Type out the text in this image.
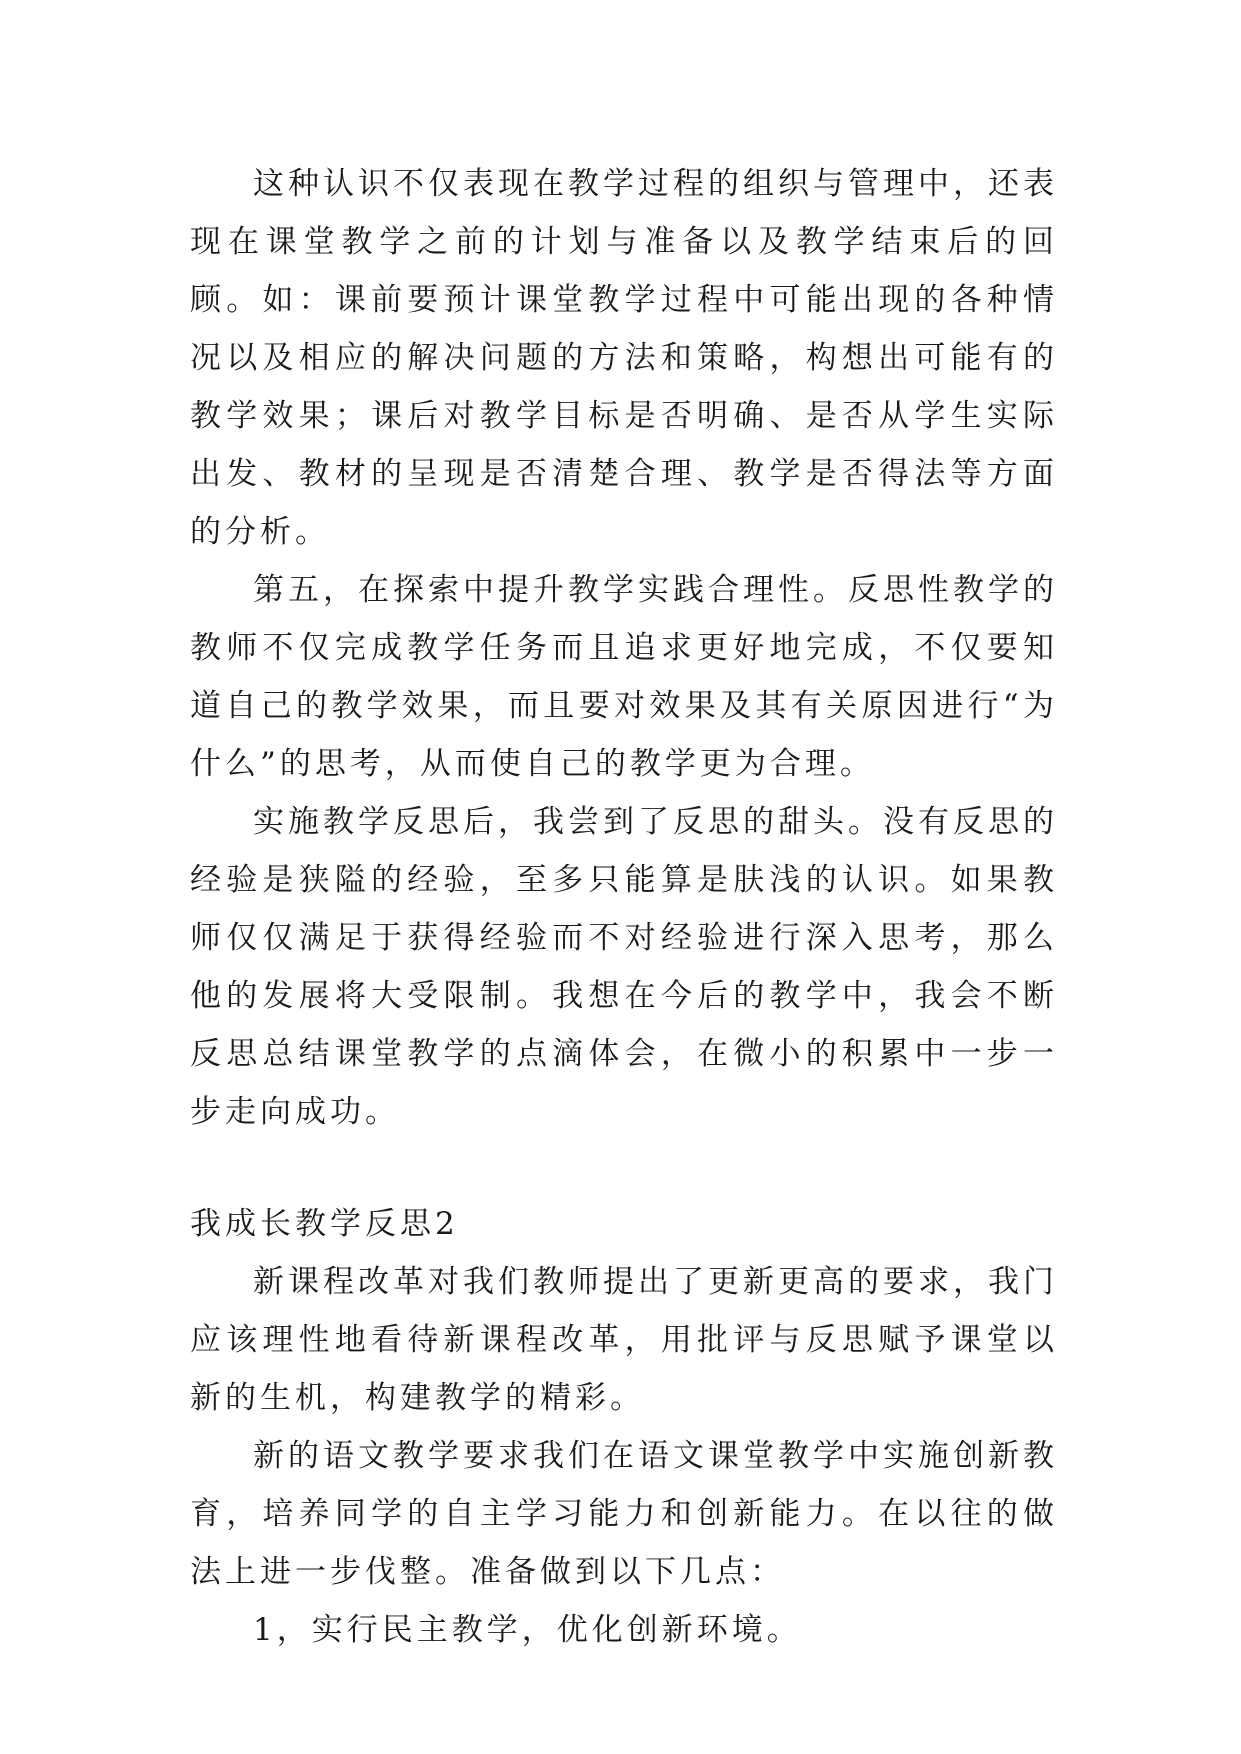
这种认识不仅表现在教学过程的组织与管理中，还表现在课堂教学之前的计划与准备以及教学结束后的回顾。如：课前要预计课堂教学过程中可能出现的各种情况以及相应的解决问题的方法和策略，构想出可能有的教学效果；课后对教学目标是否明确、是否从学生实际出发、教材的呈现是否清楚合理、教学是否得法等方面的分析。

第五，在探索中提升教学实践合理性。反思性教学的教师不仅完成教学任务而且追求更好地完成，不仅要知道自己的教学效果，而且要对效果及其有关原因进行“为什么”的思考，从而使自己的教学更为合理。

实施教学反思后，我尝到了反思的甜头。没有反思的经验是狭隘的经验，至多只能算是肤浅的认识。如果教师仅仅满足于获得经验而不对经验进行深入思考，那么他的发展将大受限制。我想在今后的教学中，我会不断反思总结课堂教学的点滴体会，在微小的积累中一步一步走向成功。

我成长教学反思2

新课程改革对我们教师提出了更新更高的要求，我门应该理性地看待新课程改革，用批评与反思赋予课堂以新的生机，构建教学的精彩。

新的语文教学要求我们在语文课堂教学中实施创新教育，培养同学的自主学习能力和创新能力。在以往的做法上进一步伐整。准备做到以下几点：

1，实行民主教学，优化创新环境。
